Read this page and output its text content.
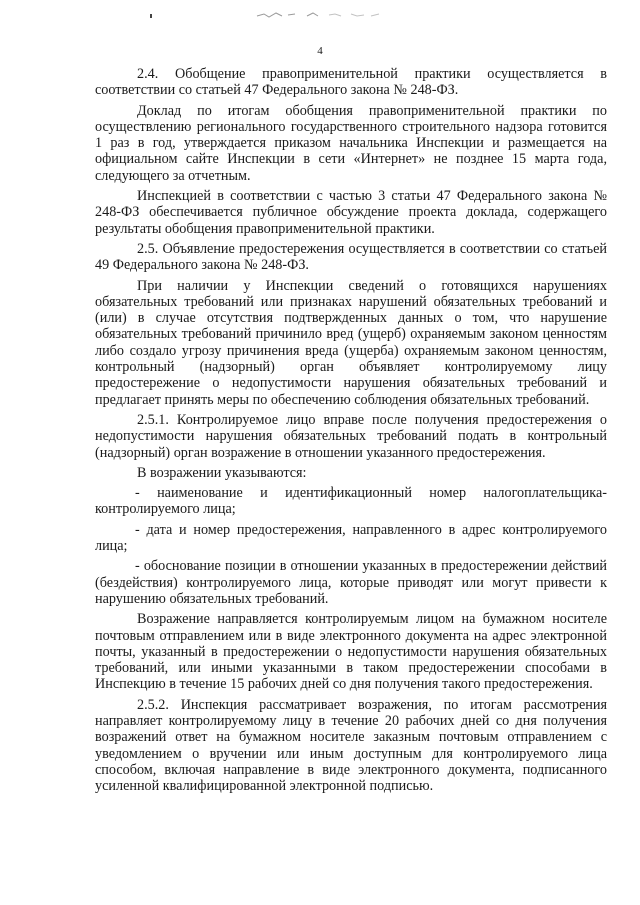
4

2.4. Обобщение правоприменительной практики осуществляется в соответствии со статьей 47 Федерального закона № 248-ФЗ.

Доклад по итогам обобщения правоприменительной практики по осуществлению регионального государственного строительного надзора готовится 1 раз в год, утверждается приказом начальника Инспекции и размещается на официальном сайте Инспекции в сети «Интернет» не позднее 15 марта года, следующего за отчетным.

Инспекцией в соответствии с частью 3 статьи 47 Федерального закона № 248-ФЗ обеспечивается публичное обсуждение проекта доклада, содержащего результаты обобщения правоприменительной практики.

2.5. Объявление предостережения осуществляется в соответствии со статьей 49 Федерального закона № 248-ФЗ.

При наличии у Инспекции сведений о готовящихся нарушениях обязательных требований или признаках нарушений обязательных требований и (или) в случае отсутствия подтвержденных данных о том, что нарушение обязательных требований причинило вред (ущерб) охраняемым законом ценностям либо создало угрозу причинения вреда (ущерба) охраняемым законом ценностям, контрольный (надзорный) орган объявляет контролируемому лицу предостережение о недопустимости нарушения обязательных требований и предлагает принять меры по обеспечению соблюдения обязательных требований.

2.5.1. Контролируемое лицо вправе после получения предостережения о недопустимости нарушения обязательных требований подать в контрольный (надзорный) орган возражение в отношении указанного предостережения.

В возражении указываются:

- наименование и идентификационный номер налогоплательщика-контролируемого лица;

- дата и номер предостережения, направленного в адрес контролируемого лица;

- обоснование позиции в отношении указанных в предостережении действий (бездействия) контролируемого лица, которые приводят или могут привести к нарушению обязательных требований.

Возражение направляется контролируемым лицом на бумажном носителе почтовым отправлением или в виде электронного документа на адрес электронной почты, указанный в предостережении о недопустимости нарушения обязательных требований, или иными указанными в таком предостережении способами в Инспекцию в течение 15 рабочих дней со дня получения такого предостережения.

2.5.2. Инспекция рассматривает возражения, по итогам рассмотрения направляет контролируемому лицу в течение 20 рабочих дней со дня получения возражений ответ на бумажном носителе заказным почтовым отправлением с уведомлением о вручении или иным доступным для контролируемого лица способом, включая направление в виде электронного документа, подписанного усиленной квалифицированной электронной подписью.
